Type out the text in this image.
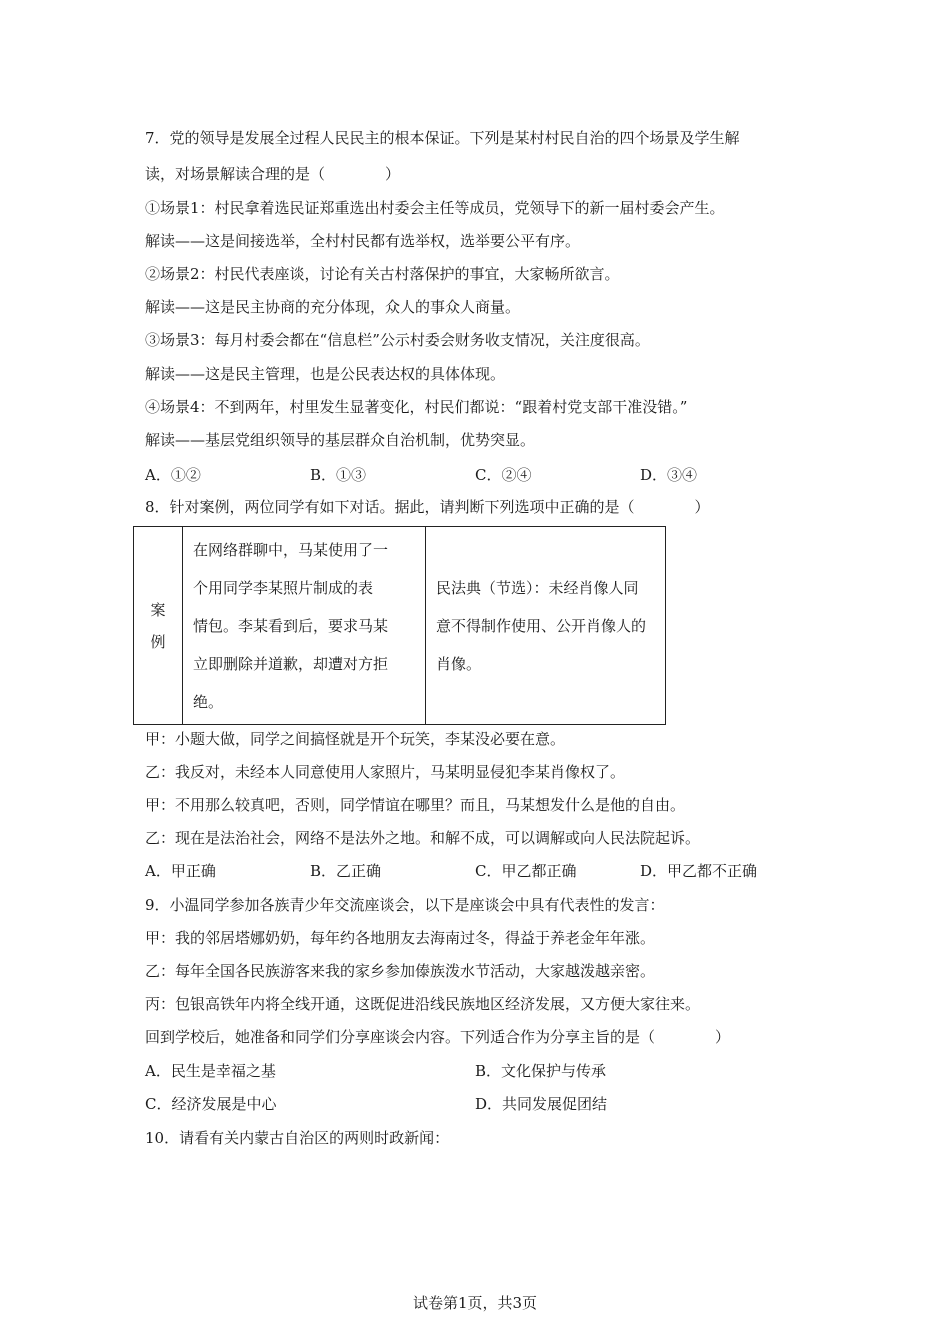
7．党的领导是发展全过程人民民主的根本保证。下列是某村村民自治的四个场景及学生解
读，对场景解读合理的是（　　　　）
①场景1：村民拿着选民证郑重选出村委会主任等成员，党领导下的新一届村委会产生。
解读——这是间接选举，全村村民都有选举权，选举要公平有序。
②场景2：村民代表座谈，讨论有关古村落保护的事宜，大家畅所欲言。
解读——这是民主协商的充分体现，众人的事众人商量。
③场景3：每月村委会都在“信息栏”公示村委会财务收支情况，关注度很高。
解读——这是民主管理，也是公民表达权的具体体现。
④场景4：不到两年，村里发生显著变化，村民们都说：“跟着村党支部干准没错。”
解读——基层党组织领导的基层群众自治机制，优势突显。
A．①②	B．①③	C．②④	D．③④
8．针对案例，两位同学有如下对话。据此，请判断下列选项中正确的是（　　　　）
案
例

在网络群聊中，马某使用了一
个用同学李某照片制成的表
情包。李某看到后，要求马某
立即删除并道歉，却遭对方拒
绝。

民法典（节选）：未经肖像人同
意不得制作使用、公开肖像人的
肖像。
甲：小题大做，同学之间搞怪就是开个玩笑，李某没必要在意。
乙：我反对，未经本人同意使用人家照片，马某明显侵犯李某肖像权了。
甲：不用那么较真吧，否则，同学情谊在哪里？而且，马某想发什么是他的自由。
乙：现在是法治社会，网络不是法外之地。和解不成，可以调解或向人民法院起诉。
A．甲正确	B．乙正确	C．甲乙都正确	D．甲乙都不正确
9．小温同学参加各族青少年交流座谈会，以下是座谈会中具有代表性的发言：
甲：我的邻居塔娜奶奶，每年约各地朋友去海南过冬，得益于养老金年年涨。
乙：每年全国各民族游客来我的家乡参加傣族泼水节活动，大家越泼越亲密。
丙：包银高铁年内将全线开通，这既促进沿线民族地区经济发展，又方便大家往来。
回到学校后，她准备和同学们分享座谈会内容。下列适合作为分享主旨的是（　　　　）
A．民生是幸福之基	B．文化保护与传承
C．经济发展是中心	D．共同发展促团结
10．请看有关内蒙古自治区的两则时政新闻：
试卷第1页，共3页
